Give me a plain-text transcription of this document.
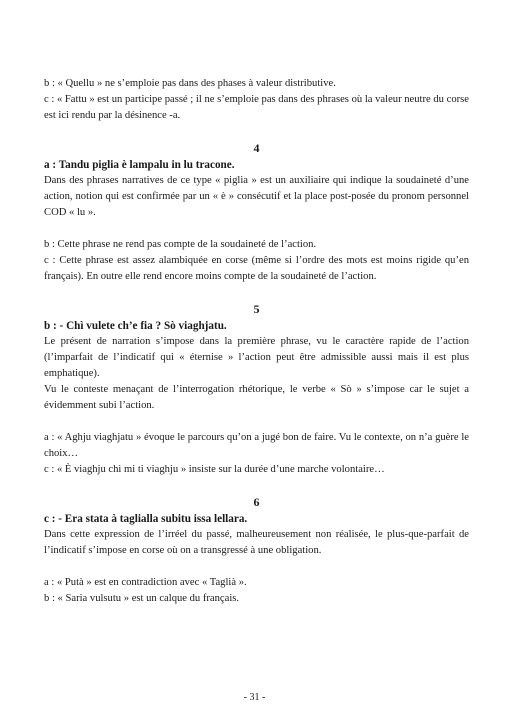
b : « Quellu » ne s’emploie pas dans des phases à valeur distributive.

c : « Fattu » est un participe passé ; il ne s’emploie pas dans des phrases où la valeur neutre du corse est ici rendu par la désinence -a.

4

a : Tandu piglia è lampalu in lu tracone.

Dans des phrases narratives de ce type « piglia » est un auxiliaire qui indique la soudaineté d’une action, notion qui est confirmée par un « è » consécutif et la place post-posée du pronom personnel COD « lu ».

b : Cette phrase ne rend pas compte de la soudaineté de l’action.

c : Cette phrase est assez alambiquée en corse (même si l’ordre des mots est moins rigide qu’en français). En outre elle rend encore moins compte de la soudaineté de l’action.

5

b : - Chì vulete ch’e fia ? Sò viaghjatu.

Le présent de narration s’impose dans la première phrase, vu le caractère rapide de l’action (l’imparfait de l’indicatif qui « éternise » l’action peut être admissible aussi mais il est plus emphatique).

Vu le conteste menaçant de l’interrogation rhétorique, le verbe « Sò » s’impose car le sujet a évidemment subi l’action.

a : « Aghju viaghjatu » évoque le parcours qu’on a jugé bon de faire. Vu le contexte, on n’a guère le choix…

c : « È viaghju chì mi ti viaghju » insiste sur la durée d’une marche volontaire…

6

c : - Era stata à taglialla subitu issa lellara.

Dans cette expression de l’irréel du passé, malheureusement non réalisée, le plus-que-parfait de l’indicatif s’impose en corse où on a transgressé à une obligation.

a : « Putà » est en contradiction avec « Taglià ».

b : « Saria vulsutu » est un calque du français.

- 31 -
